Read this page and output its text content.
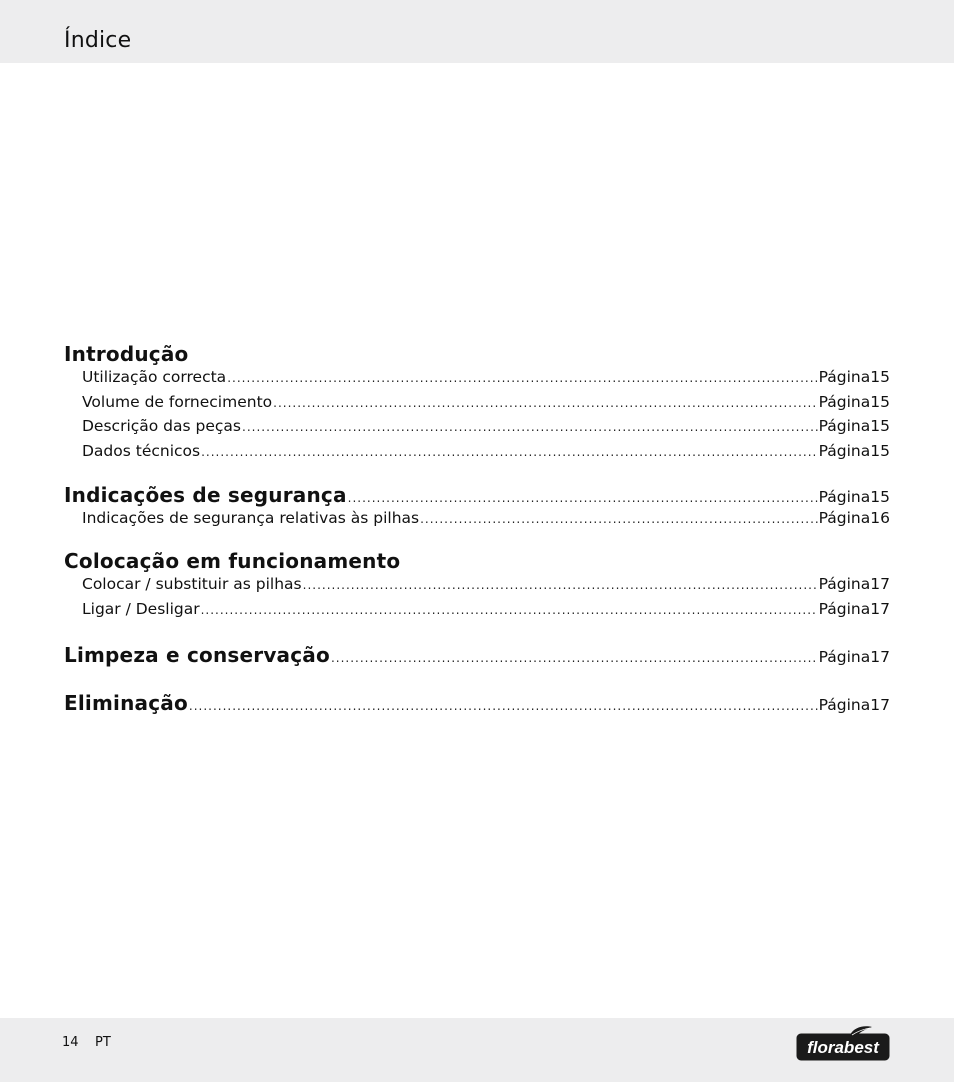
Índice
Introdução
Utilização correcta .....	Página 15
Volume de fornecimento .....	Página 15
Descrição das peças .....	Página 15
Dados técnicos .....	Página 15
Indicações de segurança .....	Página 15
Indicações de segurança relativas às pilhas .....	Página 16
Colocação em funcionamento
Colocar / substituir as pilhas .....	Página 17
Ligar / Desligar .....	Página 17
Limpeza e conservação .....	Página 17
Eliminação .....	Página 17
14 PT	florabest
